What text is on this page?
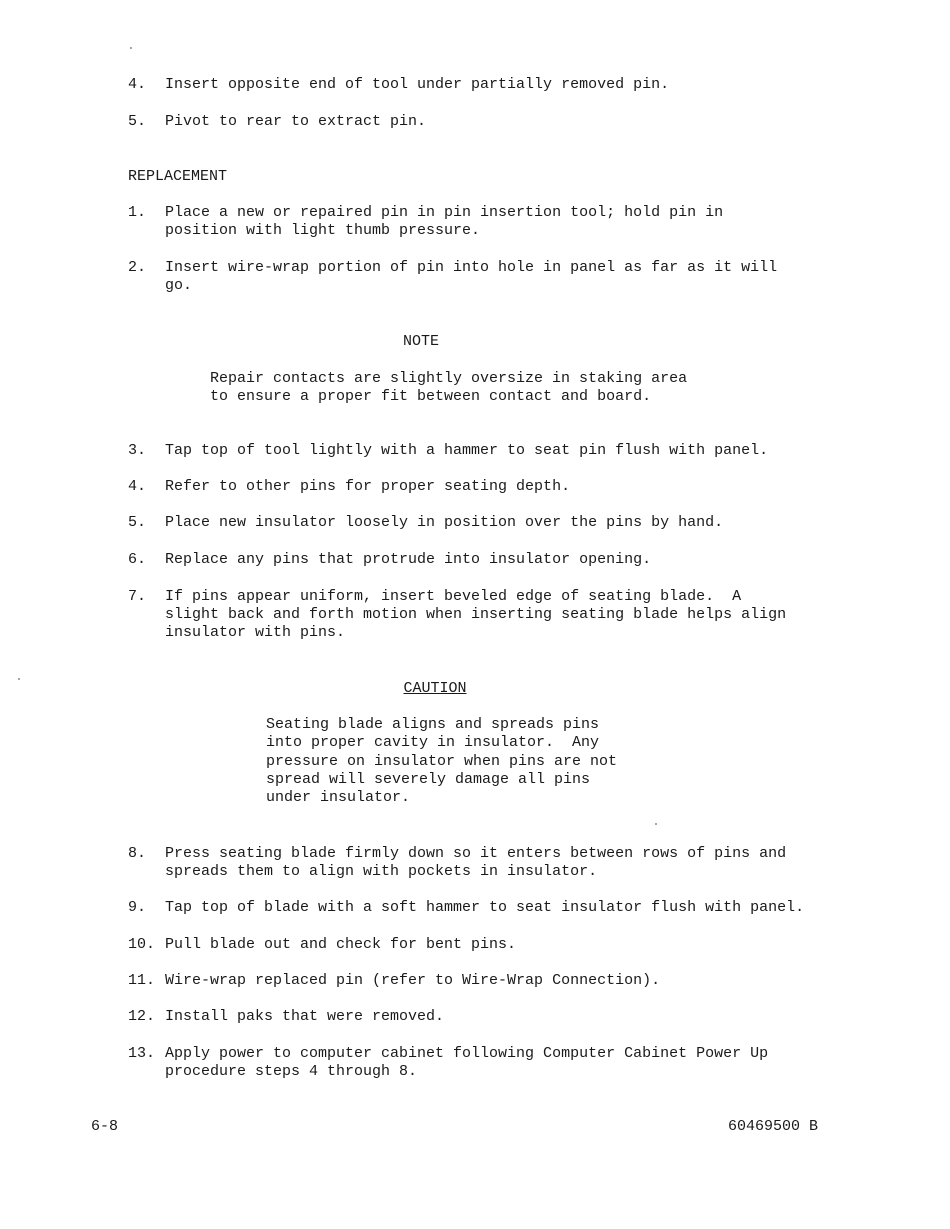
4. Insert opposite end of tool under partially removed pin.
5. Pivot to rear to extract pin.
REPLACEMENT
1. Place a new or repaired pin in pin insertion tool; hold pin in
position with light thumb pressure.
2. Insert wire-wrap portion of pin into hole in panel as far as it will
go.
NOTE
Repair contacts are slightly oversize in staking area
to ensure a proper fit between contact and board.
3. Tap top of tool lightly with a hammer to seat pin flush with panel.
4. Refer to other pins for proper seating depth.
5. Place new insulator loosely in position over the pins by hand.
6. Replace any pins that protrude into insulator opening.
7. If pins appear uniform, insert beveled edge of seating blade.  A
slight back and forth motion when inserting seating blade helps align
insulator with pins.
CAUTION
Seating blade aligns and spreads pins
into proper cavity in insulator.  Any
pressure on insulator when pins are not
spread will severely damage all pins
under insulator.
8. Press seating blade firmly down so it enters between rows of pins and
spreads them to align with pockets in insulator.
9. Tap top of blade with a soft hammer to seat insulator flush with panel.
10. Pull blade out and check for bent pins.
11. Wire-wrap replaced pin (refer to Wire-Wrap Connection).
12. Install paks that were removed.
13. Apply power to computer cabinet following Computer Cabinet Power Up
procedure steps 4 through 8.
6-8	60469500 B
